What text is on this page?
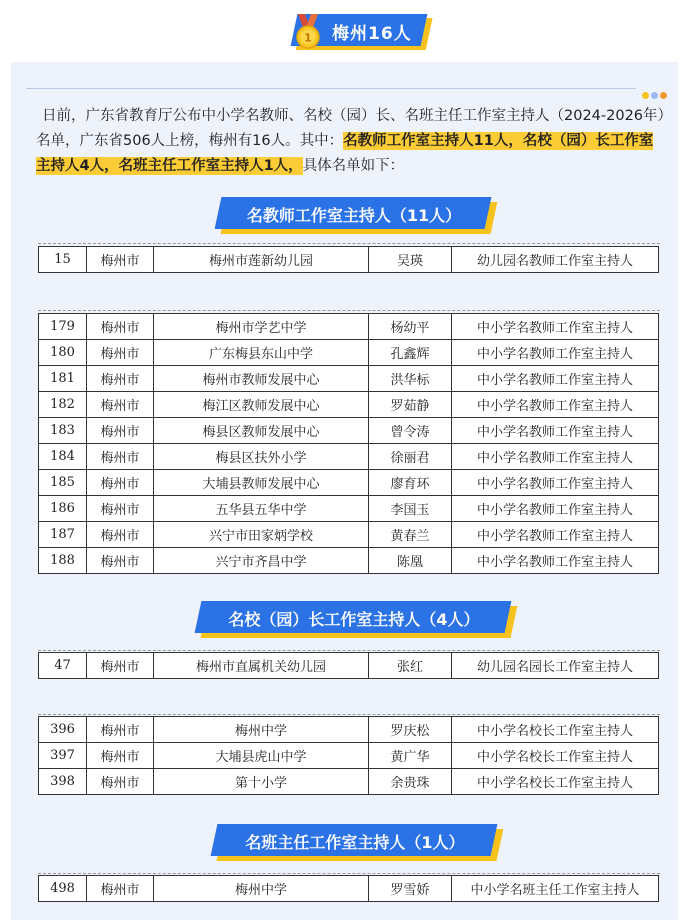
1 梅州16人
日前，广东省教育厅公布中小学名教师、名校（园）长、名班主任工作室主持人（2024-2026年）名单，广东省506人上榜，梅州有16人。其中：名教师工作室主持人11人，名校（园）长工作室主持人4人，名班主任工作室主持人1人，具体名单如下：
名教师工作室主持人（11人）
15	梅州市	梅州市莲新幼儿园	吴瑛	幼儿园名教师工作室主持人
179	梅州市	梅州市学艺中学	杨幼平	中小学名教师工作室主持人
180	梅州市	广东梅县东山中学	孔鑫辉	中小学名教师工作室主持人
181	梅州市	梅州市教师发展中心	洪华标	中小学名教师工作室主持人
182	梅州市	梅江区教师发展中心	罗茹静	中小学名教师工作室主持人
183	梅州市	梅县区教师发展中心	曾令涛	中小学名教师工作室主持人
184	梅州市	梅县区扶外小学	徐丽君	中小学名教师工作室主持人
185	梅州市	大埔县教师发展中心	廖育环	中小学名教师工作室主持人
186	梅州市	五华县五华中学	李国玉	中小学名教师工作室主持人
187	梅州市	兴宁市田家炳学校	黄春兰	中小学名教师工作室主持人
188	梅州市	兴宁市齐昌中学	陈凰	中小学名教师工作室主持人
名校（园）长工作室主持人（4人）
47	梅州市	梅州市直属机关幼儿园	张红	幼儿园名园长工作室主持人
396	梅州市	梅州中学	罗庆松	中小学名校长工作室主持人
397	梅州市	大埔县虎山中学	黄广华	中小学名校长工作室主持人
398	梅州市	第十小学	余贵珠	中小学名校长工作室主持人
名班主任工作室主持人（1人）
498	梅州市	梅州中学	罗雪娇	中小学名班主任工作室主持人
